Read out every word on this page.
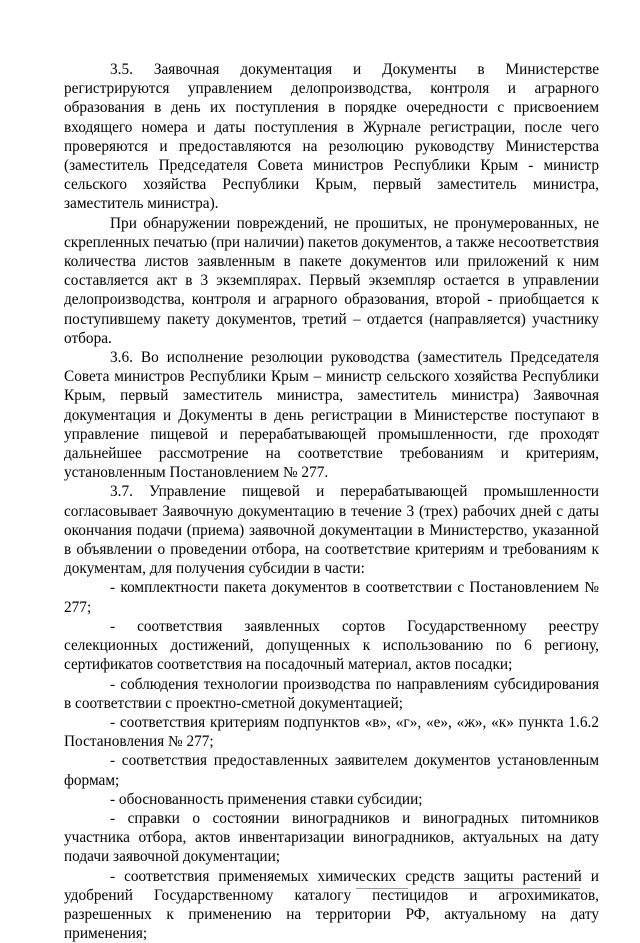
3.5. Заявочная документация и Документы в Министерстве регистрируются управлением делопроизводства, контроля и аграрного образования в день их поступления в порядке очередности с присвоением входящего номера и даты поступления в Журнале регистрации, после чего проверяются и предоставляются на резолюцию руководству Министерства (заместитель Председателя Совета министров Республики Крым - министр сельского хозяйства Республики Крым, первый заместитель министра, заместитель министра).

При обнаружении повреждений, не прошитых, не пронумерованных, не скрепленных печатью (при наличии) пакетов документов, а также несоответствия количества листов заявленным в пакете документов или приложений к ним составляется акт в 3 экземплярах. Первый экземпляр остается в управлении делопроизводства, контроля и аграрного образования, второй - приобщается к поступившему пакету документов, третий – отдается (направляется) участнику отбора.

3.6. Во исполнение резолюции руководства (заместитель Председателя Совета министров Республики Крым – министр сельского хозяйства Республики Крым, первый заместитель министра, заместитель министра) Заявочная документация и Документы в день регистрации в Министерстве поступают в управление пищевой и перерабатывающей промышленности, где проходят дальнейшее рассмотрение на соответствие требованиям и критериям, установленным Постановлением № 277.

3.7. Управление пищевой и перерабатывающей промышленности согласовывает Заявочную документацию в течение 3 (трех) рабочих дней с даты окончания подачи (приема) заявочной документации в Министерство, указанной в объявлении о проведении отбора, на соответствие критериям и требованиям к документам, для получения субсидии в части:

- комплектности пакета документов в соответствии с Постановлением № 277;

- соответствия заявленных сортов Государственному реестру селекционных достижений, допущенных к использованию по 6 региону, сертификатов соответствия на посадочный материал, актов посадки;

- соблюдения технологии производства по направлениям субсидирования в соответствии с проектно-сметной документацией;

- соответствия критериям подпунктов «в», «г», «е», «ж», «к» пункта 1.6.2 Постановления № 277;

- соответствия предоставленных заявителем документов установленным формам;

- обоснованность применения ставки субсидии;

- справки о состоянии виноградников и виноградных питомников участника отбора, актов инвентаризации виноградников, актуальных на дату подачи заявочной документации;

- соответствия применяемых химических средств защиты растений и удобрений Государственному каталогу пестицидов и агрохимикатов, разрешенных к применению на территории РФ, актуальному на дату применения;
